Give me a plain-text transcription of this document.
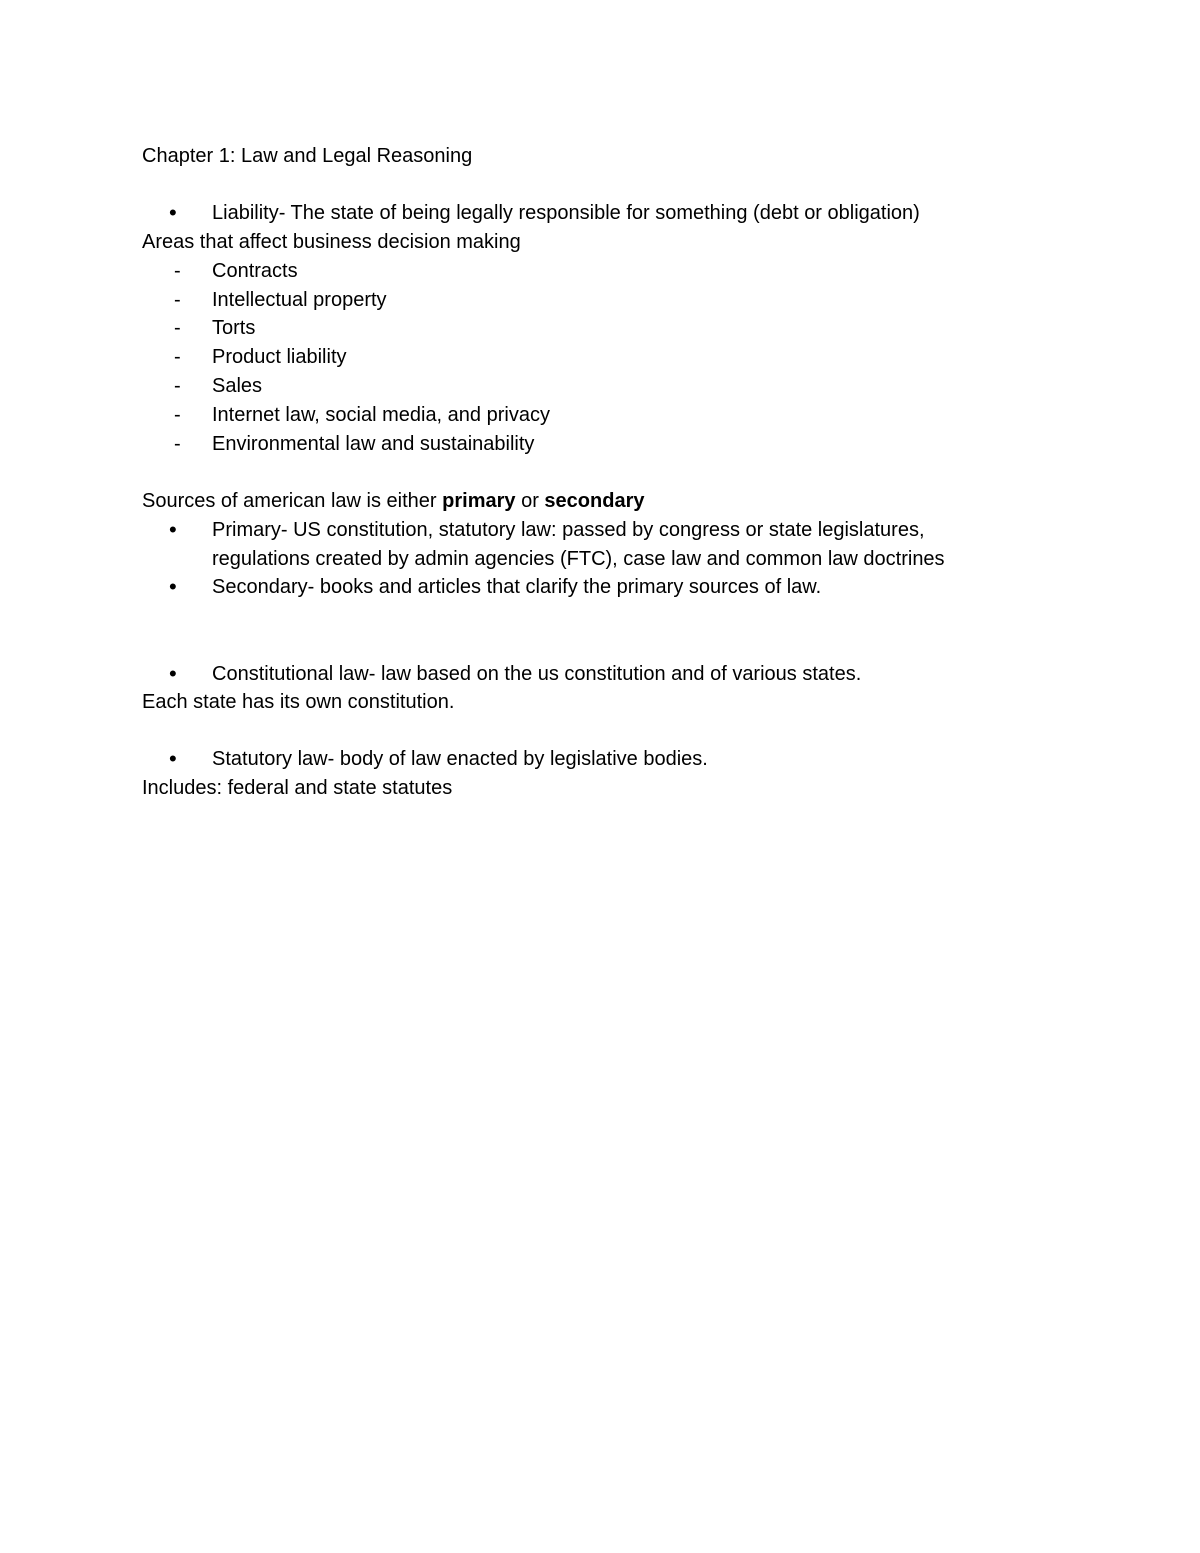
Chapter 1: Law and Legal Reasoning
• Liability- The state of being legally responsible for something (debt or obligation)
Areas that affect business decision making
- Contracts
- Intellectual property
- Torts
- Product liability
- Sales
- Internet law, social media, and privacy
- Environmental law and sustainability
Sources of american law is either primary or secondary
• Primary- US constitution, statutory law: passed by congress or state legislatures,
regulations created by admin agencies (FTC), case law and common law doctrines
• Secondary- books and articles that clarify the primary sources of law.
• Constitutional law- law based on the us constitution and of various states.
Each state has its own constitution.
• Statutory law- body of law enacted by legislative bodies.
Includes: federal and state statutes
